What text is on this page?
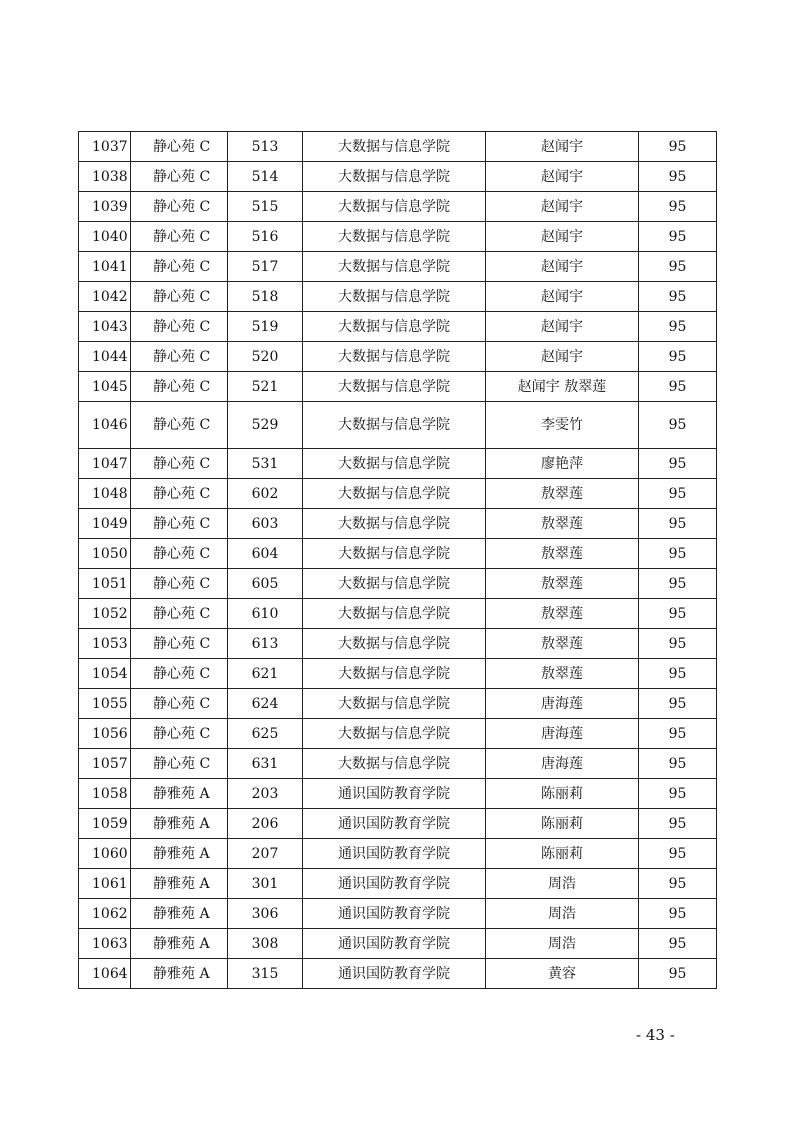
1037	静心苑 C	513	大数据与信息学院	赵闻宇	95
1038	静心苑 C	514	大数据与信息学院	赵闻宇	95
1039	静心苑 C	515	大数据与信息学院	赵闻宇	95
1040	静心苑 C	516	大数据与信息学院	赵闻宇	95
1041	静心苑 C	517	大数据与信息学院	赵闻宇	95
1042	静心苑 C	518	大数据与信息学院	赵闻宇	95
1043	静心苑 C	519	大数据与信息学院	赵闻宇	95
1044	静心苑 C	520	大数据与信息学院	赵闻宇	95
1045	静心苑 C	521	大数据与信息学院	赵闻宇 敖翠莲	95
1046	静心苑 C	529	大数据与信息学院	李雯竹	95
1047	静心苑 C	531	大数据与信息学院	廖艳萍	95
1048	静心苑 C	602	大数据与信息学院	敖翠莲	95
1049	静心苑 C	603	大数据与信息学院	敖翠莲	95
1050	静心苑 C	604	大数据与信息学院	敖翠莲	95
1051	静心苑 C	605	大数据与信息学院	敖翠莲	95
1052	静心苑 C	610	大数据与信息学院	敖翠莲	95
1053	静心苑 C	613	大数据与信息学院	敖翠莲	95
1054	静心苑 C	621	大数据与信息学院	敖翠莲	95
1055	静心苑 C	624	大数据与信息学院	唐海莲	95
1056	静心苑 C	625	大数据与信息学院	唐海莲	95
1057	静心苑 C	631	大数据与信息学院	唐海莲	95
1058	静雅苑 A	203	通识国防教育学院	陈丽莉	95
1059	静雅苑 A	206	通识国防教育学院	陈丽莉	95
1060	静雅苑 A	207	通识国防教育学院	陈丽莉	95
1061	静雅苑 A	301	通识国防教育学院	周浩	95
1062	静雅苑 A	306	通识国防教育学院	周浩	95
1063	静雅苑 A	308	通识国防教育学院	周浩	95
1064	静雅苑 A	315	通识国防教育学院	黄容	95
- 43 -
